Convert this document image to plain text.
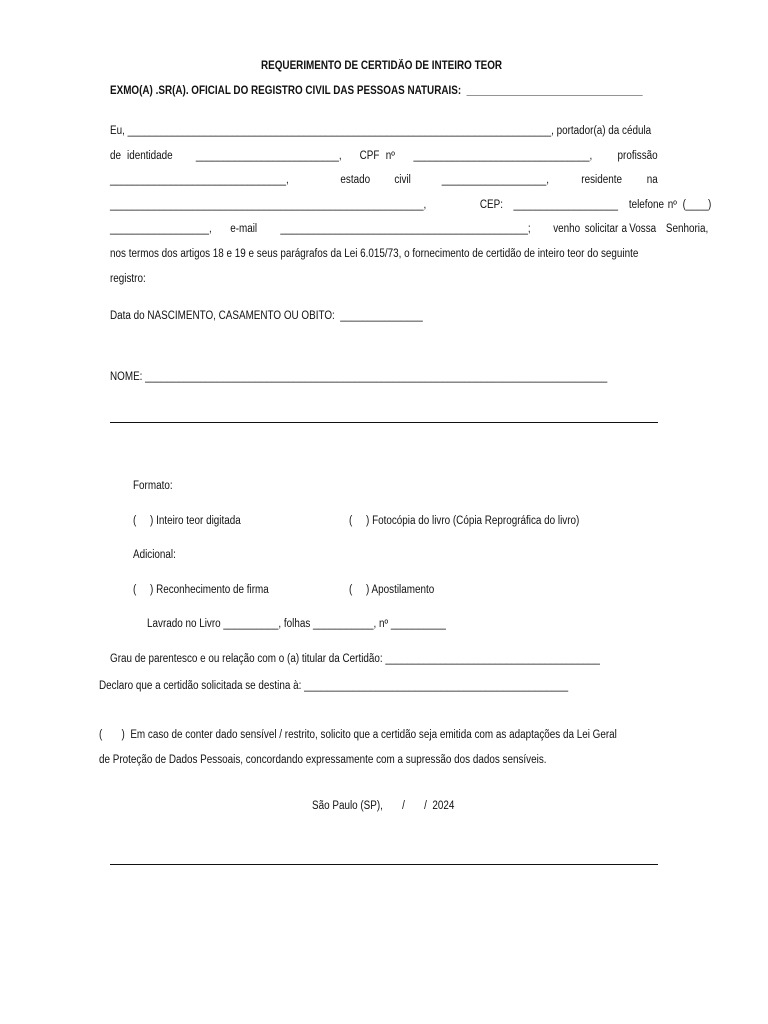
REQUERIMENTO DE CERTIDÃO DE INTEIRO TEOR
EXMO(A) .SR(A). OFICIAL DO REGISTRO CIVIL DAS PESSOAS NATURAIS:  ________________________________
Eu, _____________________________________________________________________________, portador(a) da cédula
de identidade __________________________, CPF nº ________________________________, profissão
________________________________,	estado civil	___________________,	residente na
_________________________________________________________,	CEP: ___________________ telefone nº (____)
__________________, e-mail _____________________________________________; venho solicitar a Vossa Senhoria,
nos termos dos artigos 18 e 19 e seus parágrafos da Lei 6.015/73, o fornecimento de certidão de inteiro teor do seguinte
registro:
Data do NASCIMENTO, CASAMENTO OU OBITO:  _______________
NOME: ____________________________________________________________________________________
Formato:
(     ) Inteiro teor digitada	(     ) Fotocópia do livro (Cópia Reprográfica do livro)
Adicional:
(     ) Reconhecimento de firma	(     ) Apostilamento
Lavrado no Livro __________, folhas ___________, nº __________
Grau de parentesco e ou relação com o (a) titular da Certidão: _______________________________________
Declaro que a certidão solicitada se destina à: ________________________________________________
(       )  Em caso de conter dado sensível / restrito, solicito que a certidão seja emitida com as adaptações da Lei Geral
de Proteção de Dados Pessoais, concordando expressamente com a supressão dos dados sensíveis.
São Paulo (SP),       /       /  2024
